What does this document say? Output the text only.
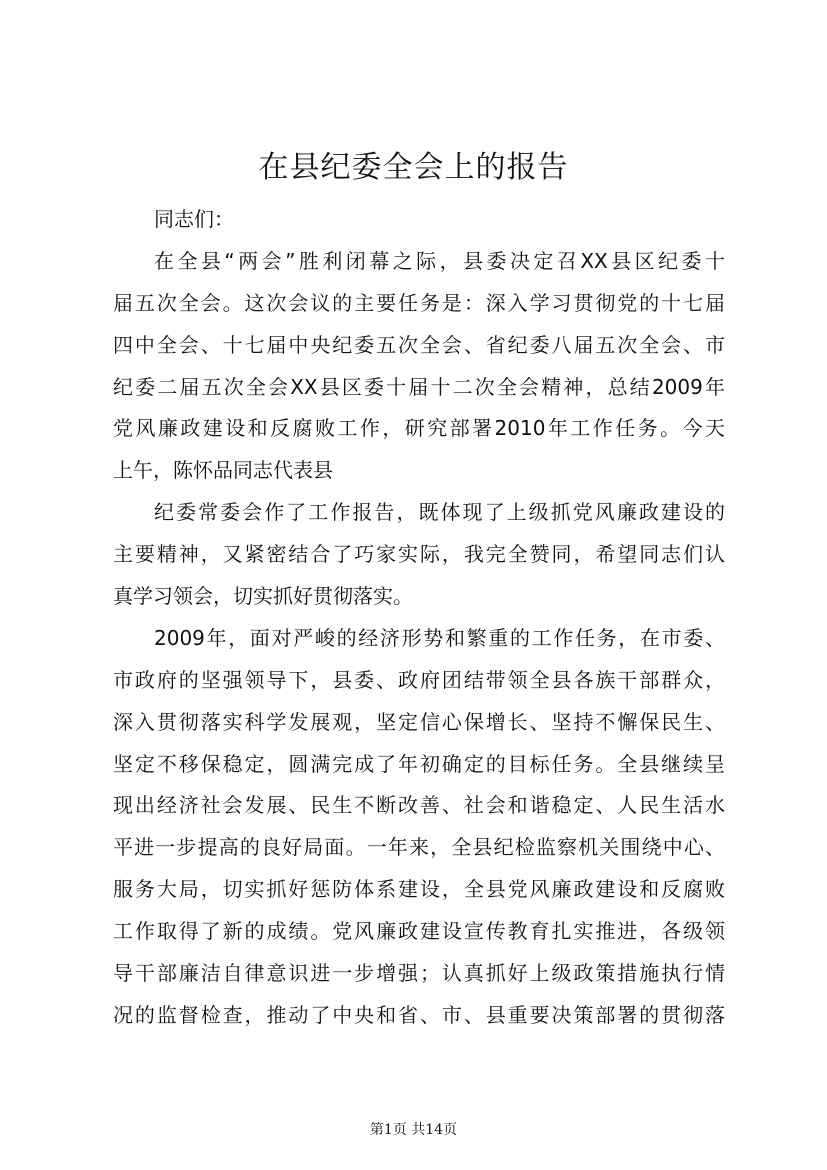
在县纪委全会上的报告
同志们：
在全县“两会”胜利闭幕之际，县委决定召XX县区纪委十
届五次全会。这次会议的主要任务是：深入学习贯彻党的十七届
四中全会、十七届中央纪委五次全会、省纪委八届五次全会、市
纪委二届五次全会XX县区委十届十二次全会精神，总结2009年
党风廉政建设和反腐败工作，研究部署2010年工作任务。今天
上午，陈怀品同志代表县
纪委常委会作了工作报告，既体现了上级抓党风廉政建设的
主要精神，又紧密结合了巧家实际，我完全赞同，希望同志们认
真学习领会，切实抓好贯彻落实。
2009年，面对严峻的经济形势和繁重的工作任务，在市委、
市政府的坚强领导下，县委、政府团结带领全县各族干部群众，
深入贯彻落实科学发展观，坚定信心保增长、坚持不懈保民生、
坚定不移保稳定，圆满完成了年初确定的目标任务。全县继续呈
现出经济社会发展、民生不断改善、社会和谐稳定、人民生活水
平进一步提高的良好局面。一年来，全县纪检监察机关围绕中心、
服务大局，切实抓好惩防体系建设，全县党风廉政建设和反腐败
工作取得了新的成绩。党风廉政建设宣传教育扎实推进，各级领
导干部廉洁自律意识进一步增强；认真抓好上级政策措施执行情
况的监督检查，推动了中央和省、市、县重要决策部署的贯彻落
第1页 共14页
